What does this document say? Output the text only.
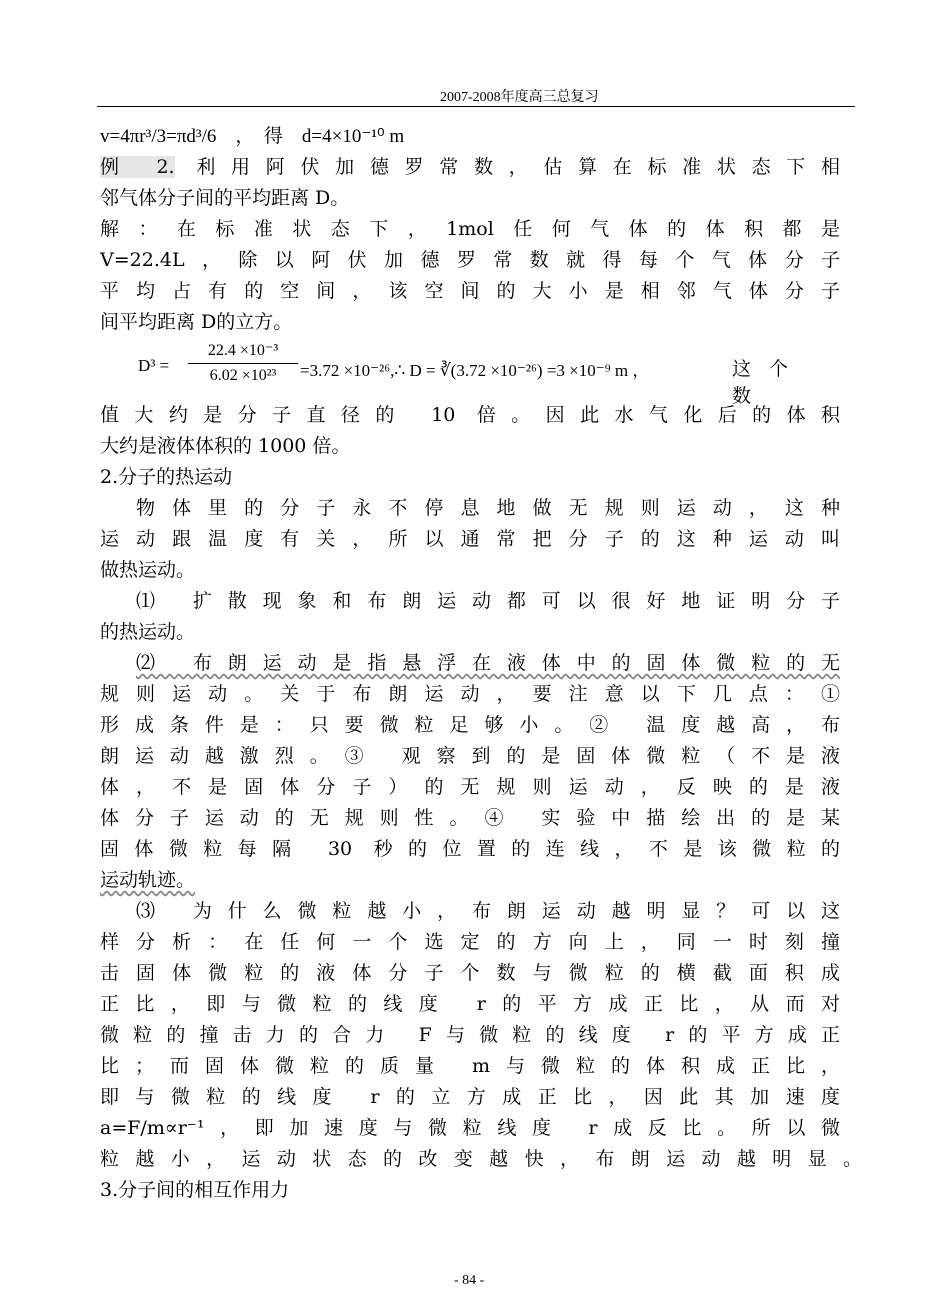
2007-2008年度高三总复习
v=4πr³/3=πd³/6　，　得　d=4×10⁻¹⁰ m
例 2. 利用阿伏加德罗常数，估算在标准状态下相
邻气体分子间的平均距离 D。
解：在标准状态下，1mol任何气体的体积都是
V=22.4L，除以阿伏加德罗常数就得每个气体分子
平均占有的空间，该空间的大小是相邻气体分子
间平均距离 D的立方。
D³ =
22.4 ×10⁻³
6.02 ×10²³	=3.72 ×10⁻²⁶,∴ D = ∛(3.72 ×10⁻²⁶) =3 ×10⁻⁹ m ，	这个数
值大约是分子直径的 10 倍。因此水气化后的体积
大约是液体体积的 1000 倍。
2.分子的热运动
物体里的分子永不停息地做无规则运动，这种
运动跟温度有关，所以通常把分子的这种运动叫
做热运动。
⑴ 扩散现象和布朗运动都可以很好地证明分子
的热运动。
⑵ 布朗运动是指悬浮在液体中的固体微粒的无
规则运动。关于布朗运动，要注意以下几点：①
形成条件是：只要微粒足够小。② 温度越高，布
朗运动越激烈。③ 观察到的是固体微粒（不是液
体，不是固体分子）的无规则运动，反映的是液
体分子运动的无规则性。④ 实验中描绘出的是某
固体微粒每隔 30 秒的位置的连线，不是该微粒的
运动轨迹。
⑶ 为什么微粒越小，布朗运动越明显？可以这
样分析：在任何一个选定的方向上，同一时刻撞
击固体微粒的液体分子个数与微粒的横截面积成
正比，即与微粒的线度 r的平方成正比，从而对
微粒的撞击力的合力 F与微粒的线度 r的平方成正
比；而固体微粒的质量 m与微粒的体积成正比，
即与微粒的线度 r的立方成正比，因此其加速度
a=F/m∝r⁻¹，即加速度与微粒线度 r成反比。所以微
粒越小，运动状态的改变越快，布朗运动越明显。
3.分子间的相互作用力
- 84 -
